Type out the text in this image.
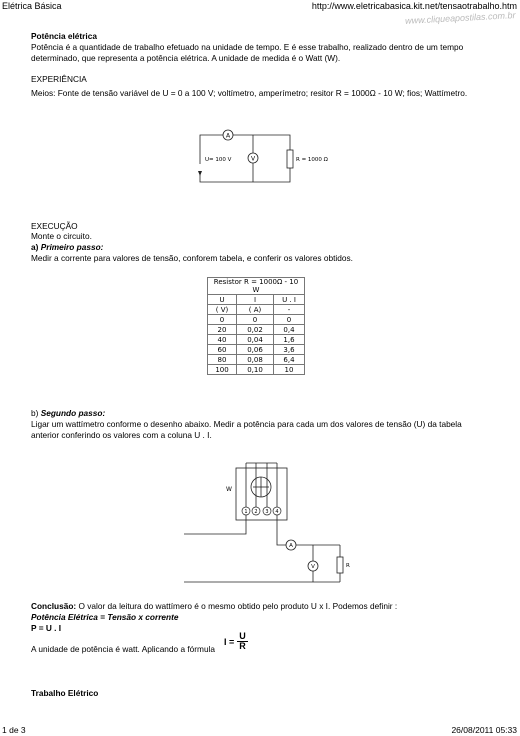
Elétrica Básica	http://www.eletricabasica.kit.net/tensaotrabalho.htm
www.cliqueapostilas.com.br
Potência elétrica
Potência é a quantidade de trabalho efetuado na unidade de tempo. E é esse trabalho, realizado dentro de um tempo
determinado, que representa a potência elétrica. A unidade de medida é o Watt (W).
EXPERIÊNCIA
Meios: Fonte de tensão variável de U = 0 a 100 V; voltímetro, amperímetro; resitor R = 1000Ω - 10 W; fios; Wattímetro.
A
V
U= 100 V	R = 1000 Ω
EXECUÇÃO
Monte o circuito.
a) Primeiro passo:
Medir a corrente para valores de tensão, conforem tabela, e conferir os valores obtidos.
Resistor R = 1000Ω - 10 W		
U	I	U . I
( V)	( A)	-
0	0	0
20	0,02	0,4
40	0,04	1,6
60	0,06	3,6
80	0,08	6,4
100	0,10	10
b) Segundo passo:
Ligar um wattímetro conforme o desenho abaixo. Medir a potência para cada um dos valores de tensão (U) da tabela
anterior conferindo os valores com a coluna U . I.
W
1 2 3 4
A
V	R
Conclusão: O valor da leitura do wattímero é o mesmo obtido pelo produto U x I. Podemos definir :
Potência Elétrica = Tensão x corrente
P = U . I
A unidade de potência é watt. Aplicando a fórmula
$I = \frac{U}{R}$
Trabalho Elétrico
1 de 3	26/08/2011 05:33
